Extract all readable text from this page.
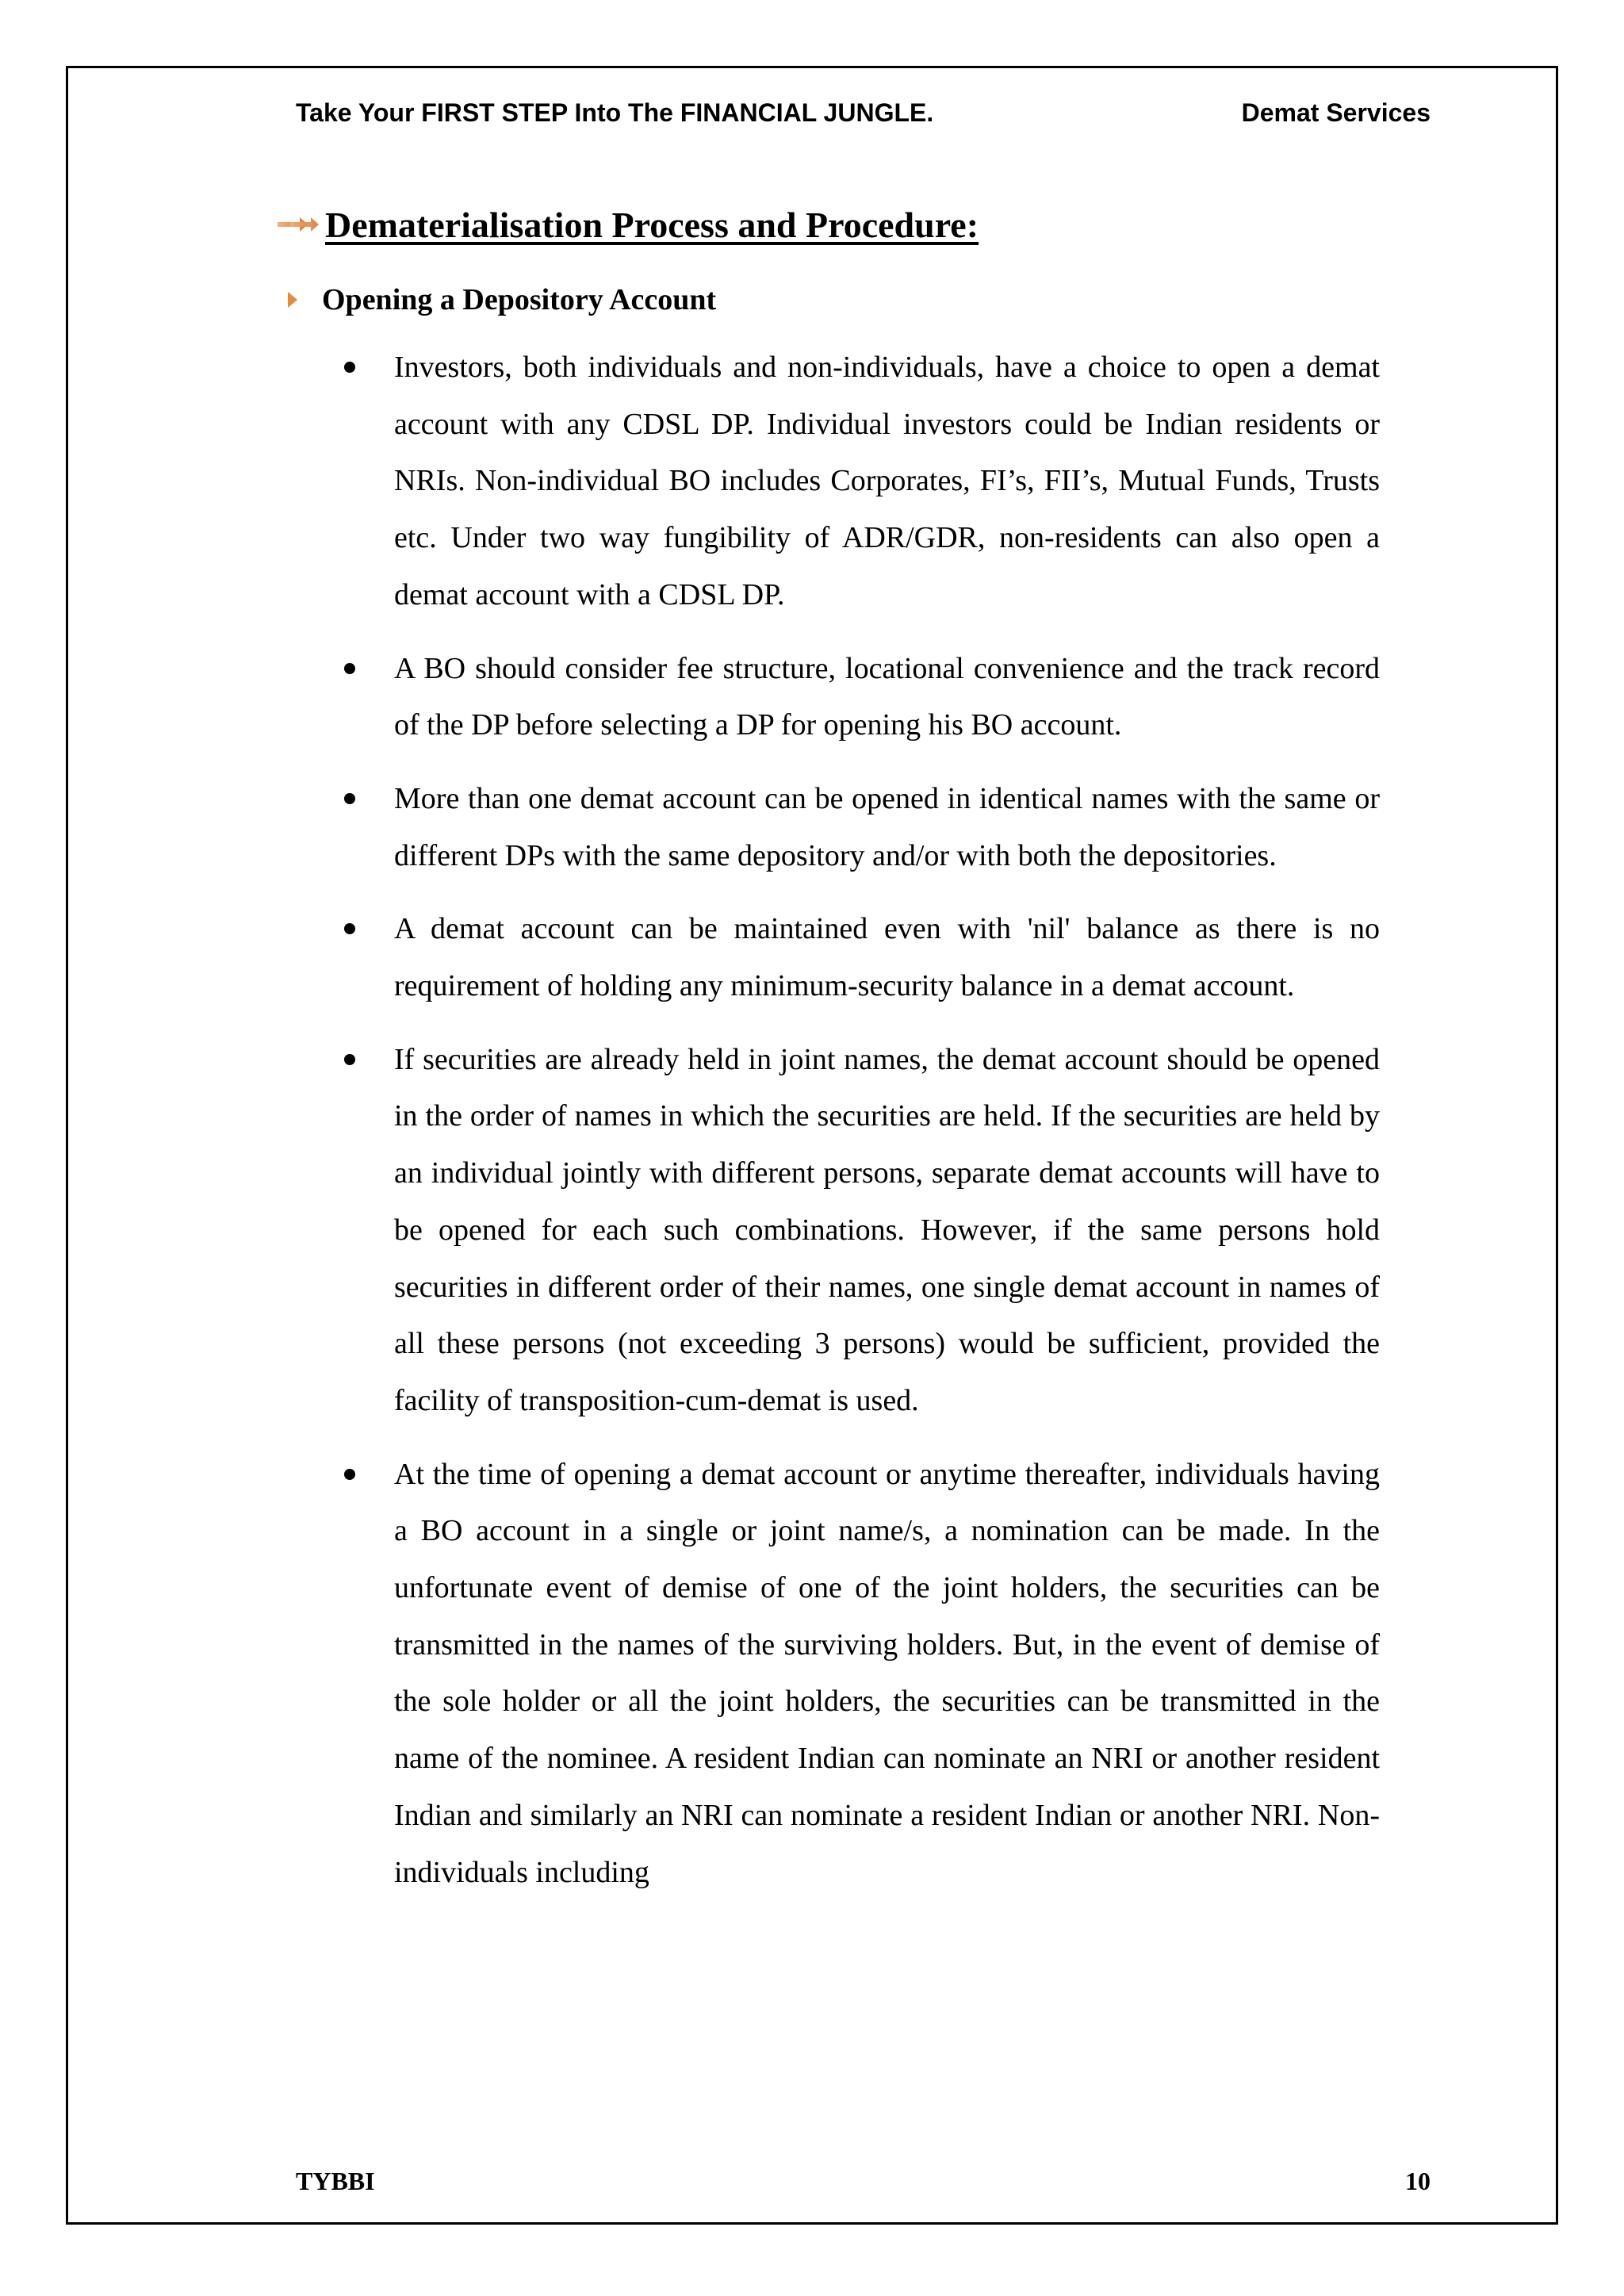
Take Your FIRST STEP Into The FINANCIAL JUNGLE.	Demat Services
Dematerialisation Process and Procedure:
Opening a Depository Account
Investors, both individuals and non-individuals, have a choice to open a demat account with any CDSL DP. Individual investors could be Indian residents or NRIs. Non-individual BO includes Corporates, FI’s, FII’s, Mutual Funds, Trusts etc. Under two way fungibility of ADR/GDR, non-residents can also open a demat account with a CDSL DP.
A BO should consider fee structure, locational convenience and the track record of the DP before selecting a DP for opening his BO account.
More than one demat account can be opened in identical names with the same or different DPs with the same depository and/or with both the depositories.
A demat account can be maintained even with 'nil' balance as there is no requirement of holding any minimum-security balance in a demat account.
If securities are already held in joint names, the demat account should be opened in the order of names in which the securities are held. If the securities are held by an individual jointly with different persons, separate demat accounts will have to be opened for each such combinations. However, if the same persons hold securities in different order of their names, one single demat account in names of all these persons (not exceeding 3 persons) would be sufficient, provided the facility of transposition-cum-demat is used.
At the time of opening a demat account or anytime thereafter, individuals having a BO account in a single or joint name/s, a nomination can be made. In the unfortunate event of demise of one of the joint holders, the securities can be transmitted in the names of the surviving holders. But, in the event of demise of the sole holder or all the joint holders, the securities can be transmitted in the name of the nominee. A resident Indian can nominate an NRI or another resident Indian and similarly an NRI can nominate a resident Indian or another NRI. Non-individuals including
TYBBI	10
